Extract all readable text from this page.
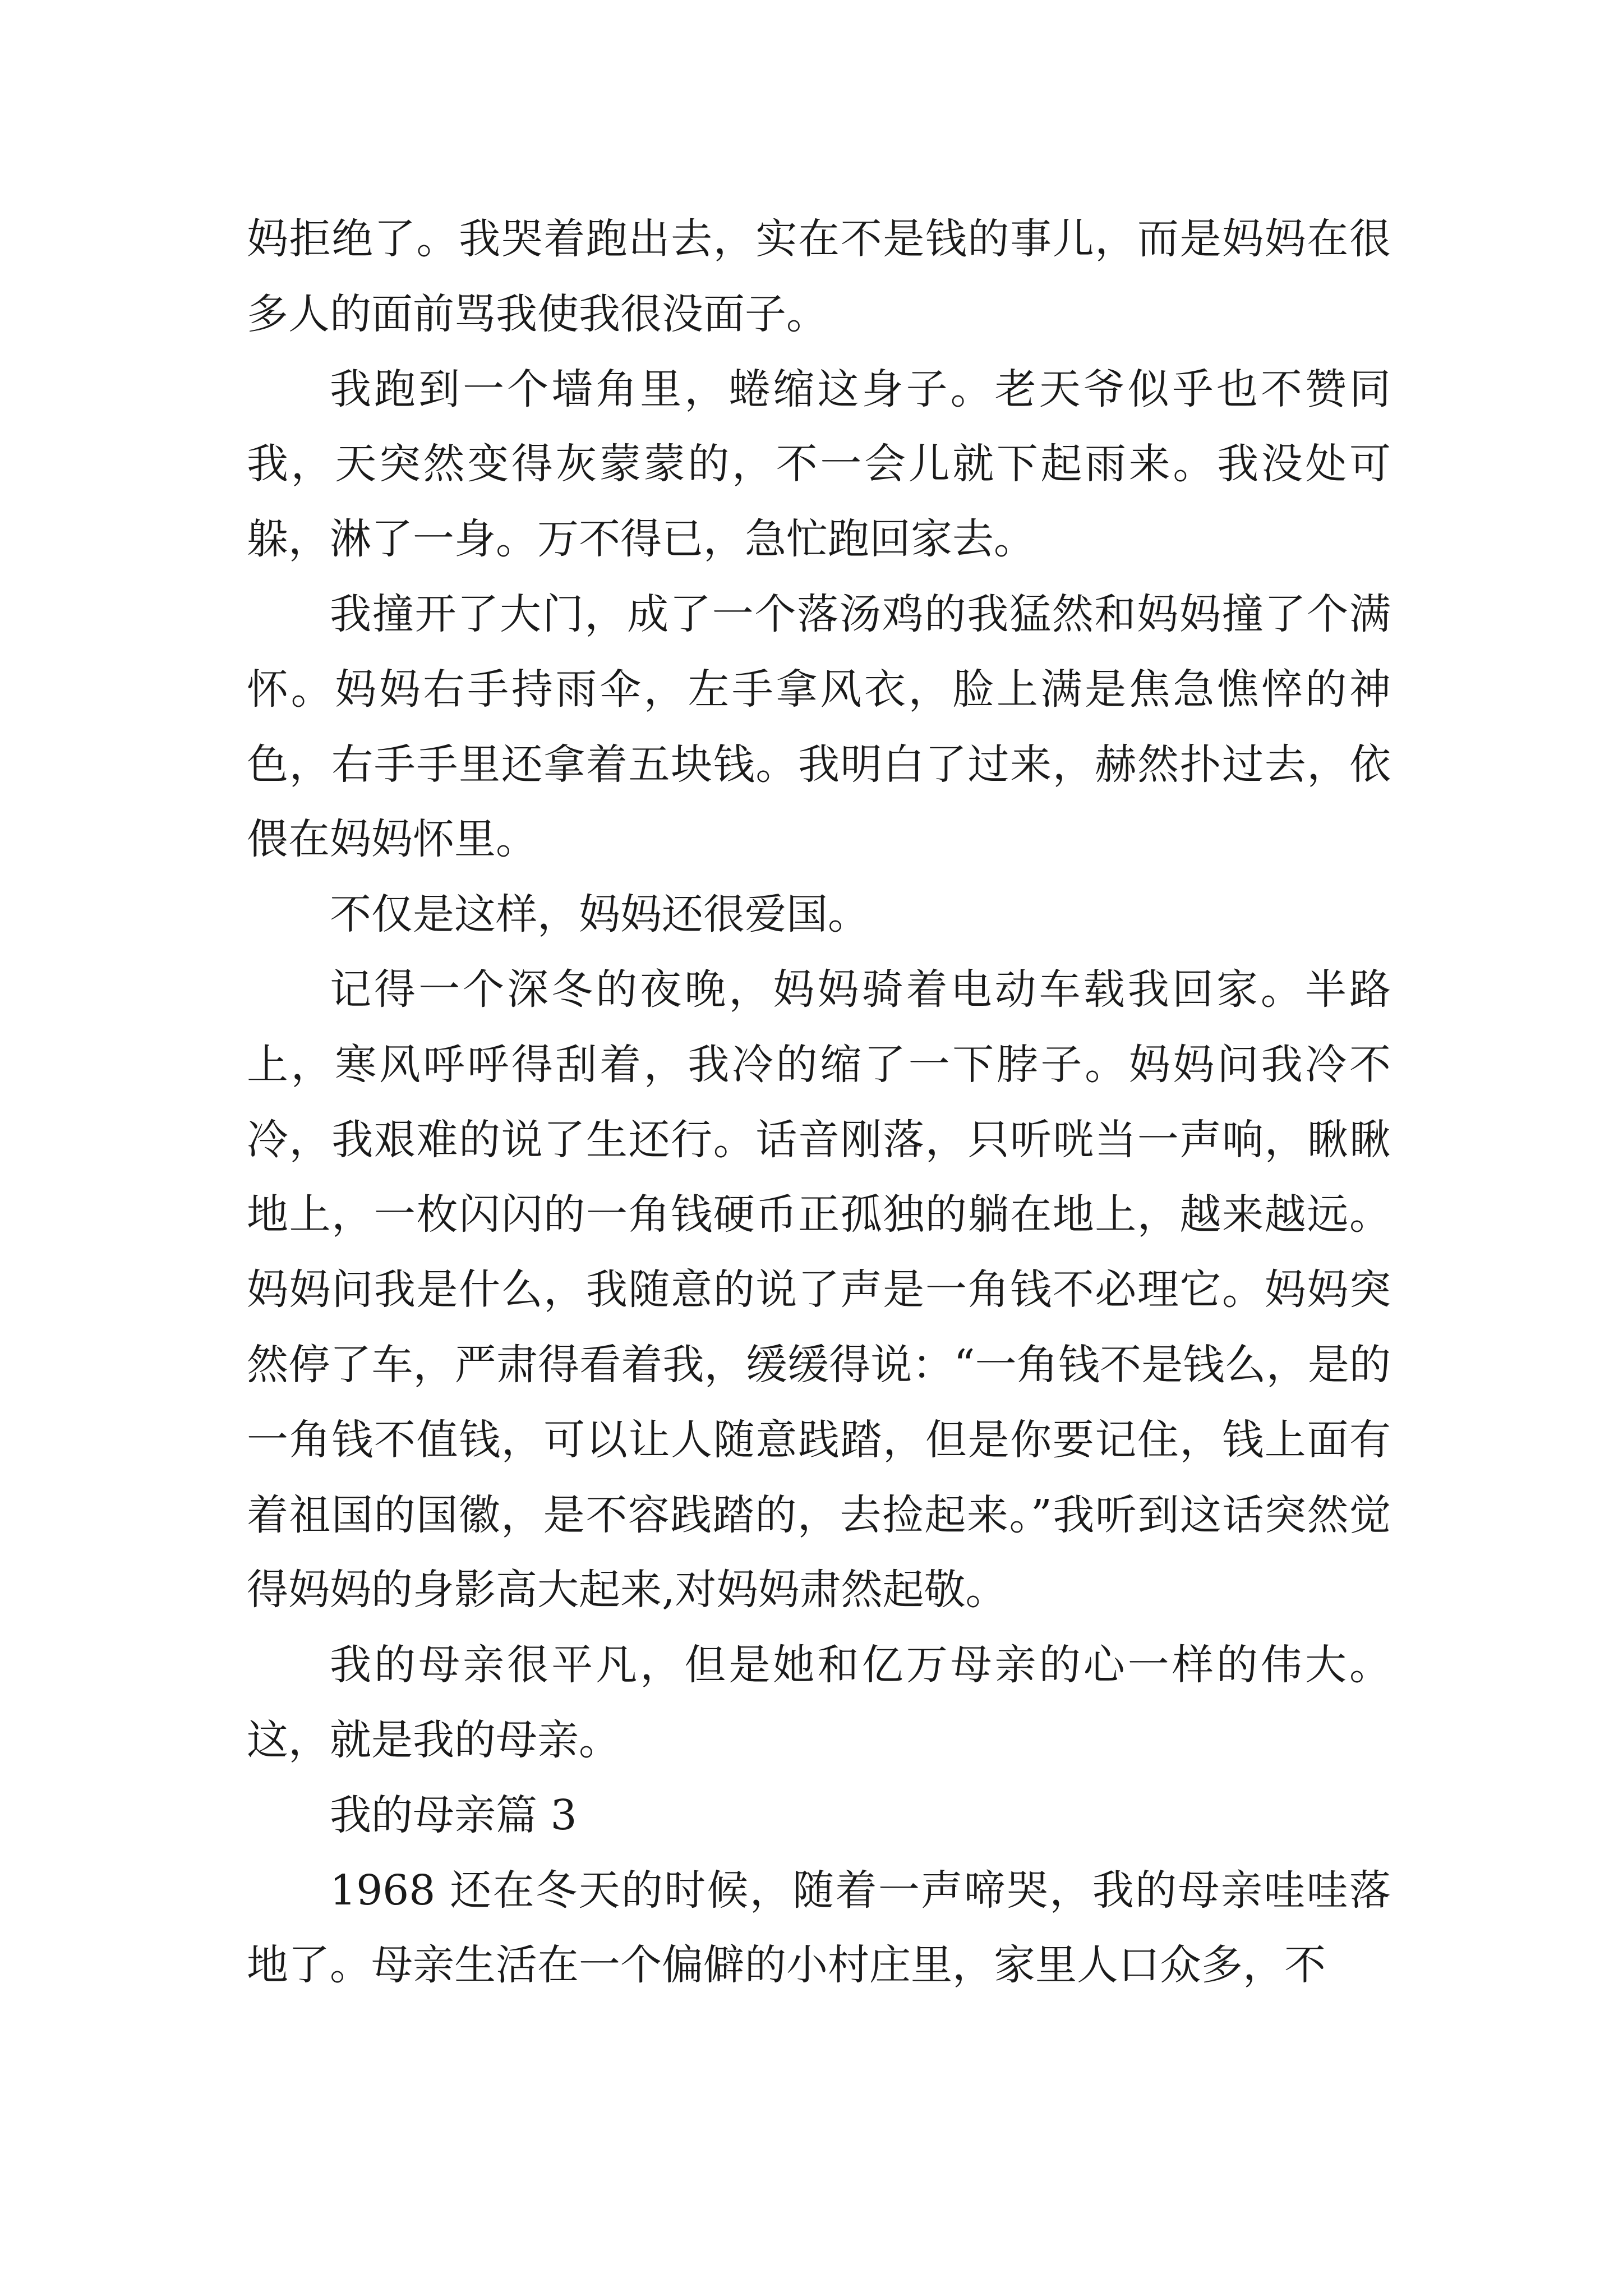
妈拒绝了。我哭着跑出去，实在不是钱的事儿，而是妈妈在很多人的面前骂我使我很没面子。

我跑到一个墙角里，蜷缩这身子。老天爷似乎也不赞同我，天突然变得灰蒙蒙的，不一会儿就下起雨来。我没处可躲，淋了一身。万不得已，急忙跑回家去。

我撞开了大门，成了一个落汤鸡的我猛然和妈妈撞了个满怀。妈妈右手持雨伞，左手拿风衣，脸上满是焦急憔悴的神色，右手手里还拿着五块钱。我明白了过来，赫然扑过去，依偎在妈妈怀里。

不仅是这样，妈妈还很爱国。

记得一个深冬的夜晚，妈妈骑着电动车载我回家。半路上，寒风呼呼得刮着，我冷的缩了一下脖子。妈妈问我冷不冷，我艰难的说了生还行。话音刚落，只听咣当一声响，瞅瞅地上，一枚闪闪的一角钱硬币正孤独的躺在地上，越来越远。妈妈问我是什么，我随意的说了声是一角钱不必理它。妈妈突然停了车，严肃得看着我，缓缓得说：“一角钱不是钱么，是的一角钱不值钱，可以让人随意践踏，但是你要记住，钱上面有着祖国的国徽，是不容践踏的，去捡起来。”我听到这话突然觉得妈妈的身影高大起来,对妈妈肃然起敬。

我的母亲很平凡，但是她和亿万母亲的心一样的伟大。这，就是我的母亲。

我的母亲篇 3

1968 还在冬天的时候，随着一声啼哭，我的母亲哇哇落地了。母亲生活在一个偏僻的小村庄里，家里人口众多，不
